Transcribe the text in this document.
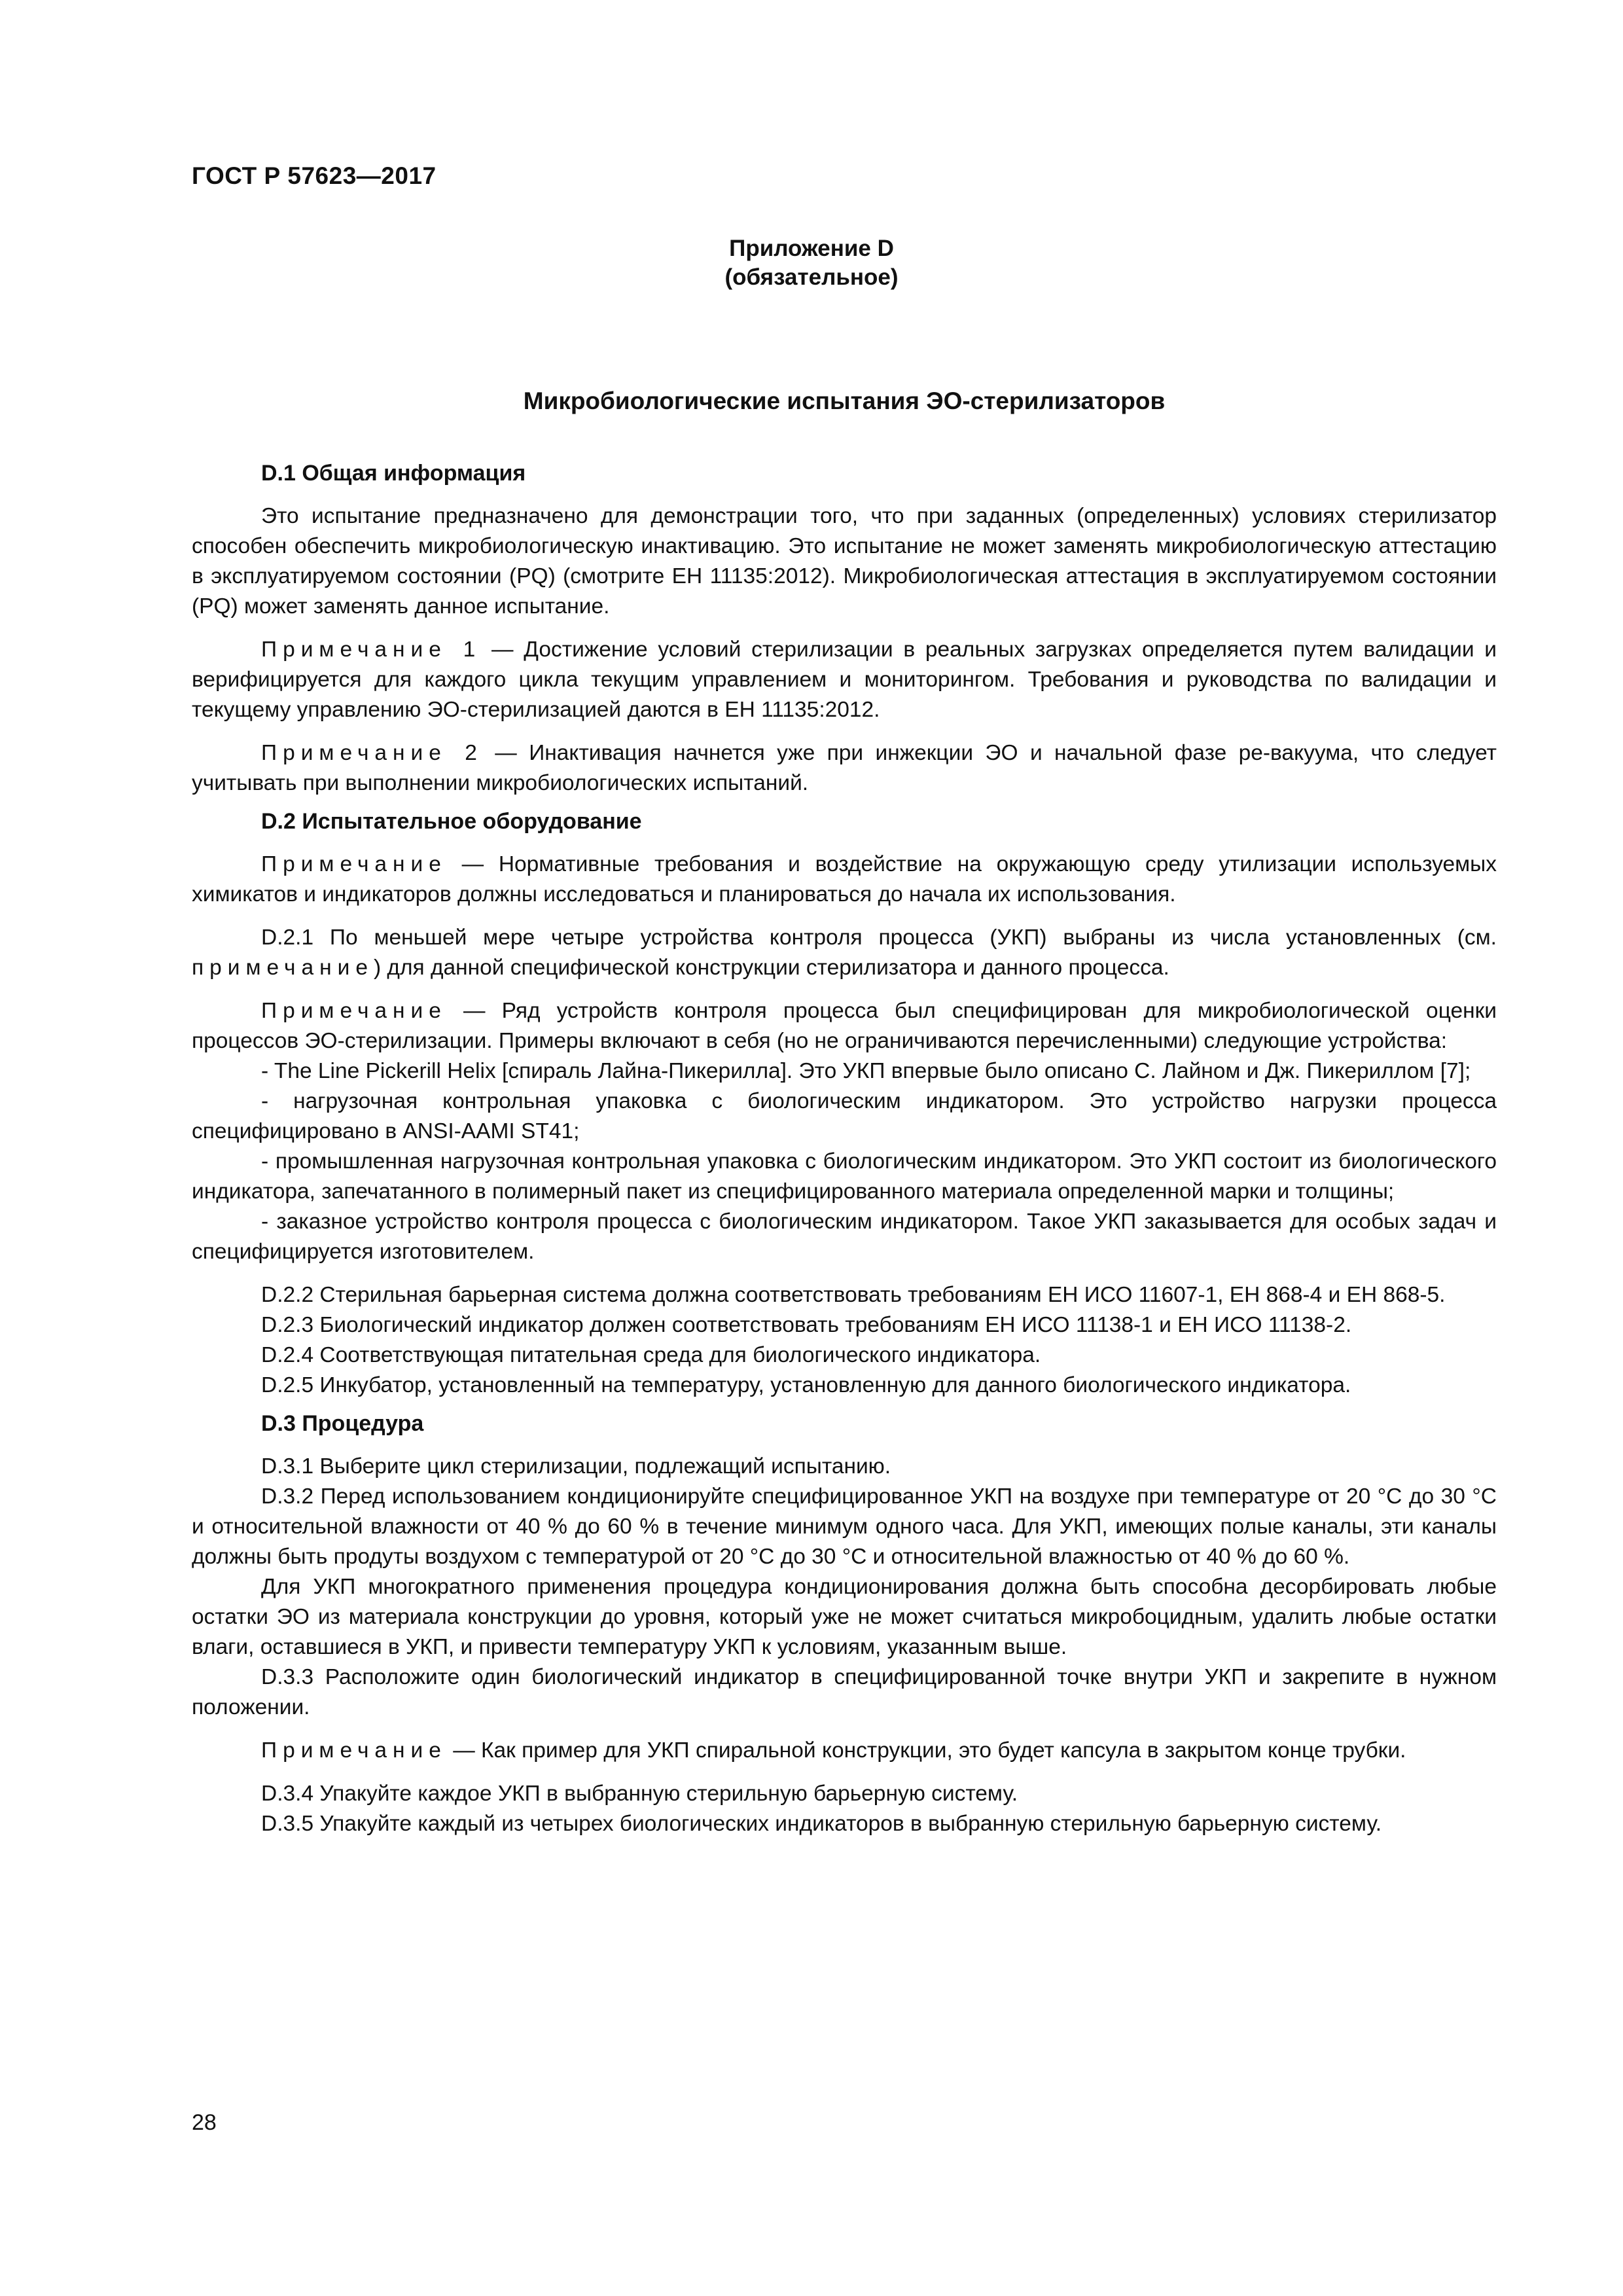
ГОСТ Р 57623—2017
Приложение D
(обязательное)
Микробиологические испытания ЭО-стерилизаторов
D.1 Общая информация

Это испытание предназначено для демонстрации того, что при заданных (определенных) условиях стерилизатор способен обеспечить микробиологическую инактивацию. Это испытание не может заменять микробиологическую аттестацию в эксплуатируемом состоянии (PQ) (смотрите ЕН 11135:2012). Микробиологическая аттестация в эксплуатируемом состоянии (PQ) может заменять данное испытание.

Примечание 1 — Достижение условий стерилизации в реальных загрузках определяется путем валидации и верифицируется для каждого цикла текущим управлением и мониторингом. Требования и руководства по валидации и текущему управлению ЭО-стерилизацией даются в ЕН 11135:2012.

Примечание 2 — Инактивация начнется уже при инжекции ЭО и начальной фазе ре-вакуума, что следует учитывать при выполнении микробиологических испытаний.

D.2 Испытательное оборудование

Примечание — Нормативные требования и воздействие на окружающую среду утилизации используемых химикатов и индикаторов должны исследоваться и планироваться до начала их использования.

D.2.1 По меньшей мере четыре устройства контроля процесса (УКП) выбраны из числа установленных (см. примечание) для данной специфической конструкции стерилизатора и данного процесса.

Примечание — Ряд устройств контроля процесса был специфицирован для микробиологической оценки процессов ЭО-стерилизации. Примеры включают в себя (но не ограничиваются перечисленными) следующие устройства:

- The Line Pickerill Helix [спираль Лайна-Пикерилла]. Это УКП впервые было описано С. Лайном и Дж. Пикериллом [7];

- нагрузочная контрольная упаковка с биологическим индикатором. Это устройство нагрузки процесса специфицировано в ANSI-AAMI ST41;

- промышленная нагрузочная контрольная упаковка с биологическим индикатором. Это УКП состоит из биологического индикатора, запечатанного в полимерный пакет из специфицированного материала определенной марки и толщины;

- заказное устройство контроля процесса с биологическим индикатором. Такое УКП заказывается для особых задач и специфицируется изготовителем.

D.2.2 Стерильная барьерная система должна соответствовать требованиям ЕН ИСО 11607-1, ЕН 868-4 и ЕН 868-5.

D.2.3 Биологический индикатор должен соответствовать требованиям ЕН ИСО 11138-1 и ЕН ИСО 11138-2.

D.2.4 Соответствующая питательная среда для биологического индикатора.

D.2.5 Инкубатор, установленный на температуру, установленную для данного биологического индикатора.

D.3 Процедура

D.3.1 Выберите цикл стерилизации, подлежащий испытанию.

D.3.2 Перед использованием кондиционируйте специфицированное УКП на воздухе при температуре от 20 °С до 30 °С и относительной влажности от 40 % до 60 % в течение минимум одного часа. Для УКП, имеющих полые каналы, эти каналы должны быть продуты воздухом с температурой от 20 °С до 30 °С и относительной влажностью от 40 % до 60 %.

Для УКП многократного применения процедура кондиционирования должна быть способна десорбировать любые остатки ЭО из материала конструкции до уровня, который уже не может считаться микробоцидным, удалить любые остатки влаги, оставшиеся в УКП, и привести температуру УКП к условиям, указанным выше.

D.3.3 Расположите один биологический индикатор в специфицированной точке внутри УКП и закрепите в нужном положении.

Примечание — Как пример для УКП спиральной конструкции, это будет капсула в закрытом конце трубки.

D.3.4 Упакуйте каждое УКП в выбранную стерильную барьерную систему.

D.3.5 Упакуйте каждый из четырех биологических индикаторов в выбранную стерильную барьерную систему.

28
